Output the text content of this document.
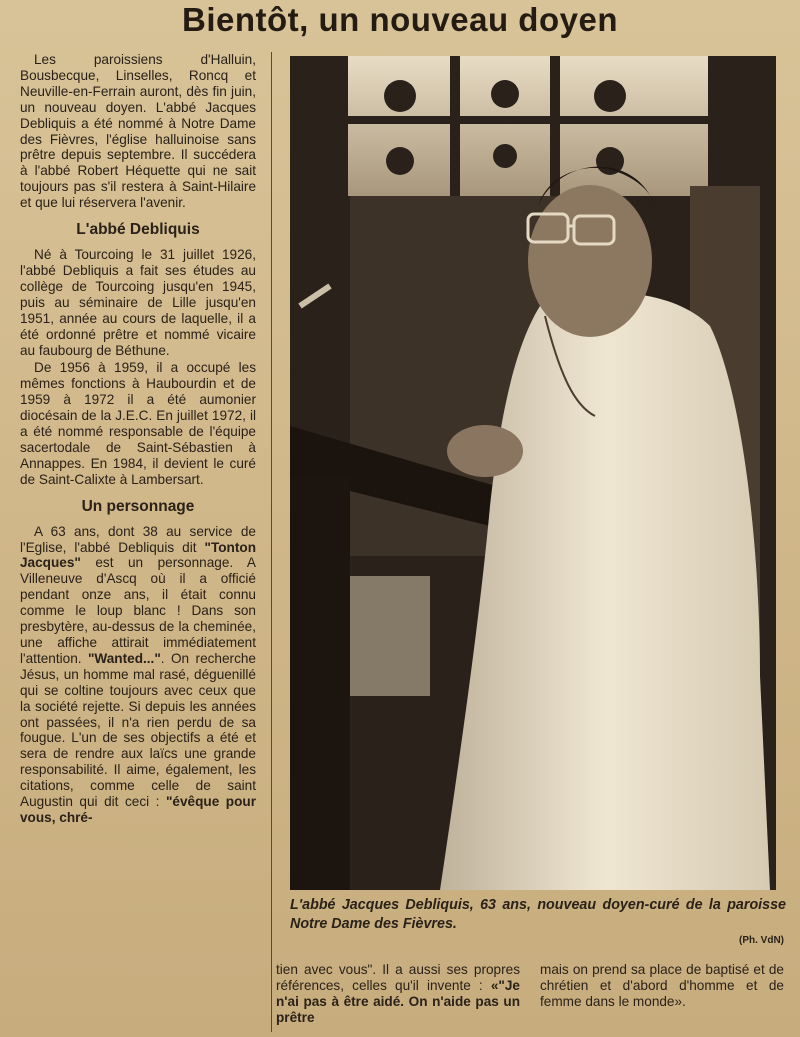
Bientôt, un nouveau doyen

Les paroissiens d'Halluin, Bousbecque, Linselles, Roncq et Neuville-en-Ferrain auront, dès fin juin, un nouveau doyen. L'abbé Jacques Debliquis a été nommé à Notre Dame des Fièvres, l'église halluinoise sans prêtre depuis septembre. Il succédera à l'abbé Robert Héquette qui ne sait toujours pas s'il restera à Saint-Hilaire et que lui réservera l'avenir.

L'abbé Debliquis

Né à Tourcoing le 31 juillet 1926, l'abbé Debliquis a fait ses études au collège de Tourcoing jusqu'en 1945, puis au séminaire de Lille jusqu'en 1951, année au cours de laquelle, il a été ordonné prêtre et nommé vicaire au faubourg de Béthune.

De 1956 à 1959, il a occupé les mêmes fonctions à Haubourdin et de 1959 à 1972 il a été aumonier diocésain de la J.E.C. En juillet 1972, il a été nommé responsable de l'équipe sacertodale de Saint-Sébastien à Annappes. En 1984, il devient le curé de Saint-Calixte à Lambersart.

Un personnage

A 63 ans, dont 38 au service de l'Eglise, l'abbé Debliquis dit "Tonton Jacques" est un personnage. A Villeneuve d'Ascq où il a officié pendant onze ans, il était connu comme le loup blanc ! Dans son presbytère, au-dessus de la cheminée, une affiche attirait immédiatement l'attention. "Wanted...". On recherche Jésus, un homme mal rasé, déguenillé qui se coltine toujours avec ceux que la société rejette. Si depuis les années ont passées, il n'a rien perdu de sa fougue. L'un de ses objectifs a été et sera de rendre aux laïcs une grande responsabilité. Il aime, également, les citations, comme celle de saint Augustin qui dit ceci : "évêque pour vous, chré-

L'abbé Jacques Debliquis, 63 ans, nouveau doyen-curé de la paroisse Notre Dame des Fièvres.
(Ph. VdN)
tien avec vous". Il a aussi ses propres références, celles qu'il invente : «"Je n'ai pas à être aidé. On n'aide pas un prêtre
mais on prend sa place de baptisé et de chrétien et d'abord d'homme et de femme dans le monde».
